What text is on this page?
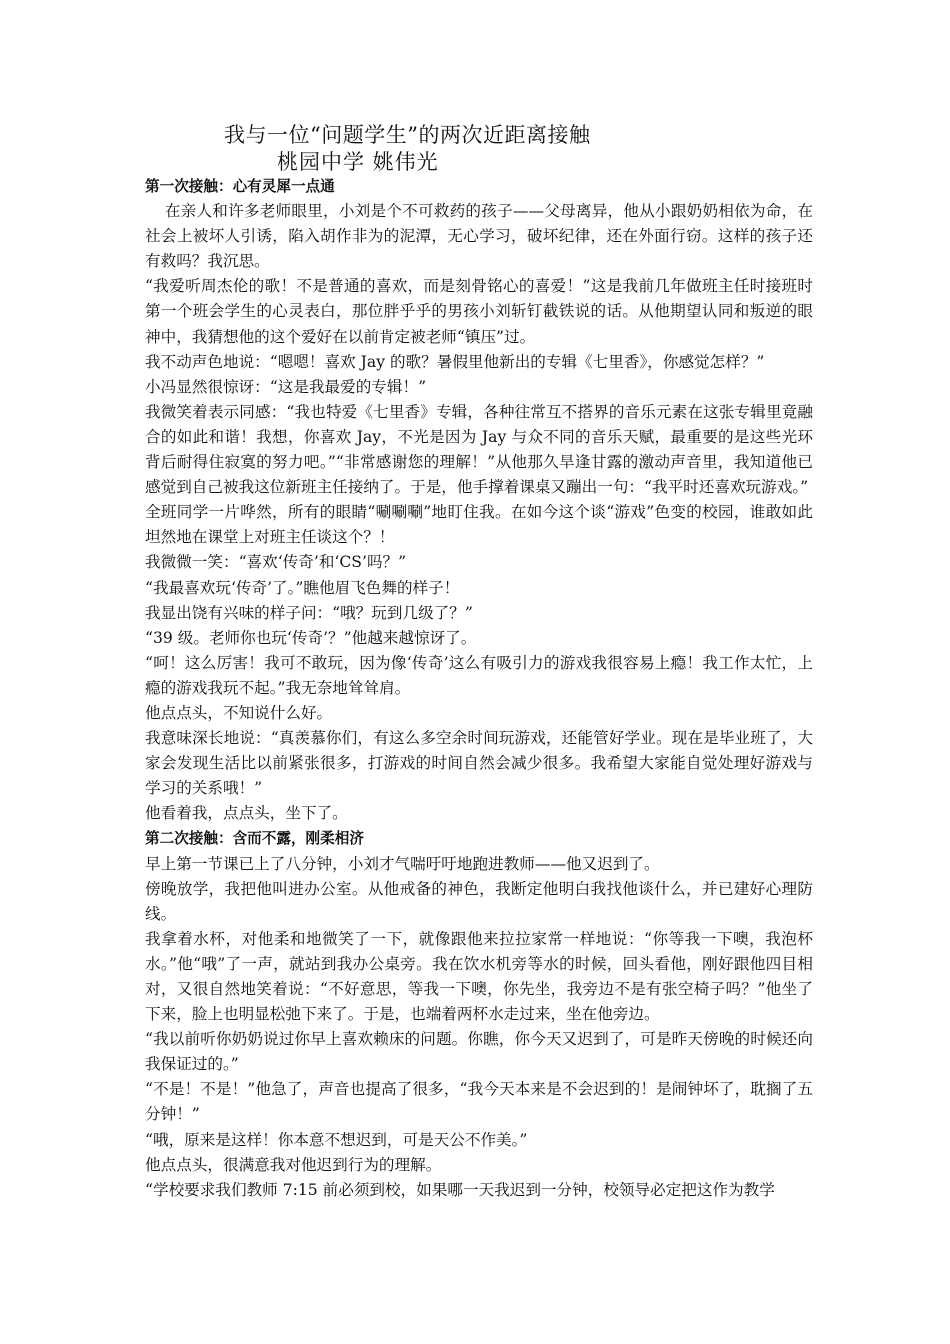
我与一位“问题学生”的两次近距离接触
桃园中学 姚伟光

第一次接触：心有灵犀一点通

在亲人和许多老师眼里，小刘是个不可救药的孩子——父母离异，他从小跟奶奶相依为命，在社会上被坏人引诱，陷入胡作非为的泥潭，无心学习，破坏纪律，还在外面行窃。这样的孩子还有救吗？我沉思。

“我爱听周杰伦的歌！不是普通的喜欢，而是刻骨铭心的喜爱！”这是我前几年做班主任时接班时第一个班会学生的心灵表白，那位胖乎乎的男孩小刘斩钉截铁说的话。从他期望认同和叛逆的眼神中，我猜想他的这个爱好在以前肯定被老师“镇压”过。

我不动声色地说：“嗯嗯！喜欢 Jay 的歌？暑假里他新出的专辑《七里香》，你感觉怎样？”

小冯显然很惊讶：“这是我最爱的专辑！”

我微笑着表示同感：“我也特爱《七里香》专辑，各种往常互不搭界的音乐元素在这张专辑里竟融合的如此和谐！我想，你喜欢 Jay，不光是因为 Jay 与众不同的音乐天赋，最重要的是这些光环背后耐得住寂寞的努力吧。”“非常感谢您的理解！”从他那久旱逢甘露的激动声音里，我知道他已感觉到自己被我这位新班主任接纳了。于是，他手撑着课桌又蹦出一句：“我平时还喜欢玩游戏。”

全班同学一片哗然，所有的眼睛“唰唰唰”地盯住我。在如今这个谈“游戏”色变的校园，谁敢如此坦然地在课堂上对班主任谈这个？！

我微微一笑：“喜欢‘传奇’和‘CS’吗？”

“我最喜欢玩‘传奇’了。”瞧他眉飞色舞的样子！

我显出饶有兴味的样子问：“哦？玩到几级了？”

“39 级。老师你也玩‘传奇’？”他越来越惊讶了。

“呵！这么厉害！我可不敢玩，因为像‘传奇’这么有吸引力的游戏我很容易上瘾！我工作太忙，上瘾的游戏我玩不起。”我无奈地耸耸肩。

他点点头，不知说什么好。

我意味深长地说：“真羡慕你们，有这么多空余时间玩游戏，还能管好学业。现在是毕业班了，大家会发现生活比以前紧张很多，打游戏的时间自然会减少很多。我希望大家能自觉处理好游戏与学习的关系哦！”

他看着我，点点头，坐下了。

第二次接触：含而不露，刚柔相济

早上第一节课已上了八分钟，小刘才气喘吁吁地跑进教师——他又迟到了。

傍晚放学，我把他叫进办公室。从他戒备的神色，我断定他明白我找他谈什么，并已建好心理防线。

我拿着水杯，对他柔和地微笑了一下，就像跟他来拉拉家常一样地说：“你等我一下噢，我泡杯水。”他“哦”了一声，就站到我办公桌旁。我在饮水机旁等水的时候，回头看他，刚好跟他四目相对，又很自然地笑着说：“不好意思，等我一下噢，你先坐，我旁边不是有张空椅子吗？”他坐了下来，脸上也明显松弛下来了。于是，也端着两杯水走过来，坐在他旁边。

“我以前听你奶奶说过你早上喜欢赖床的问题。你瞧，你今天又迟到了，可是昨天傍晚的时候还向我保证过的。”

“不是！不是！”他急了，声音也提高了很多，“我今天本来是不会迟到的！是闹钟坏了，耽搁了五分钟！”

“哦，原来是这样！你本意不想迟到，可是天公不作美。”

他点点头，很满意我对他迟到行为的理解。

“学校要求我们教师 7:15 前必须到校，如果哪一天我迟到一分钟，校领导必定把这作为教学
